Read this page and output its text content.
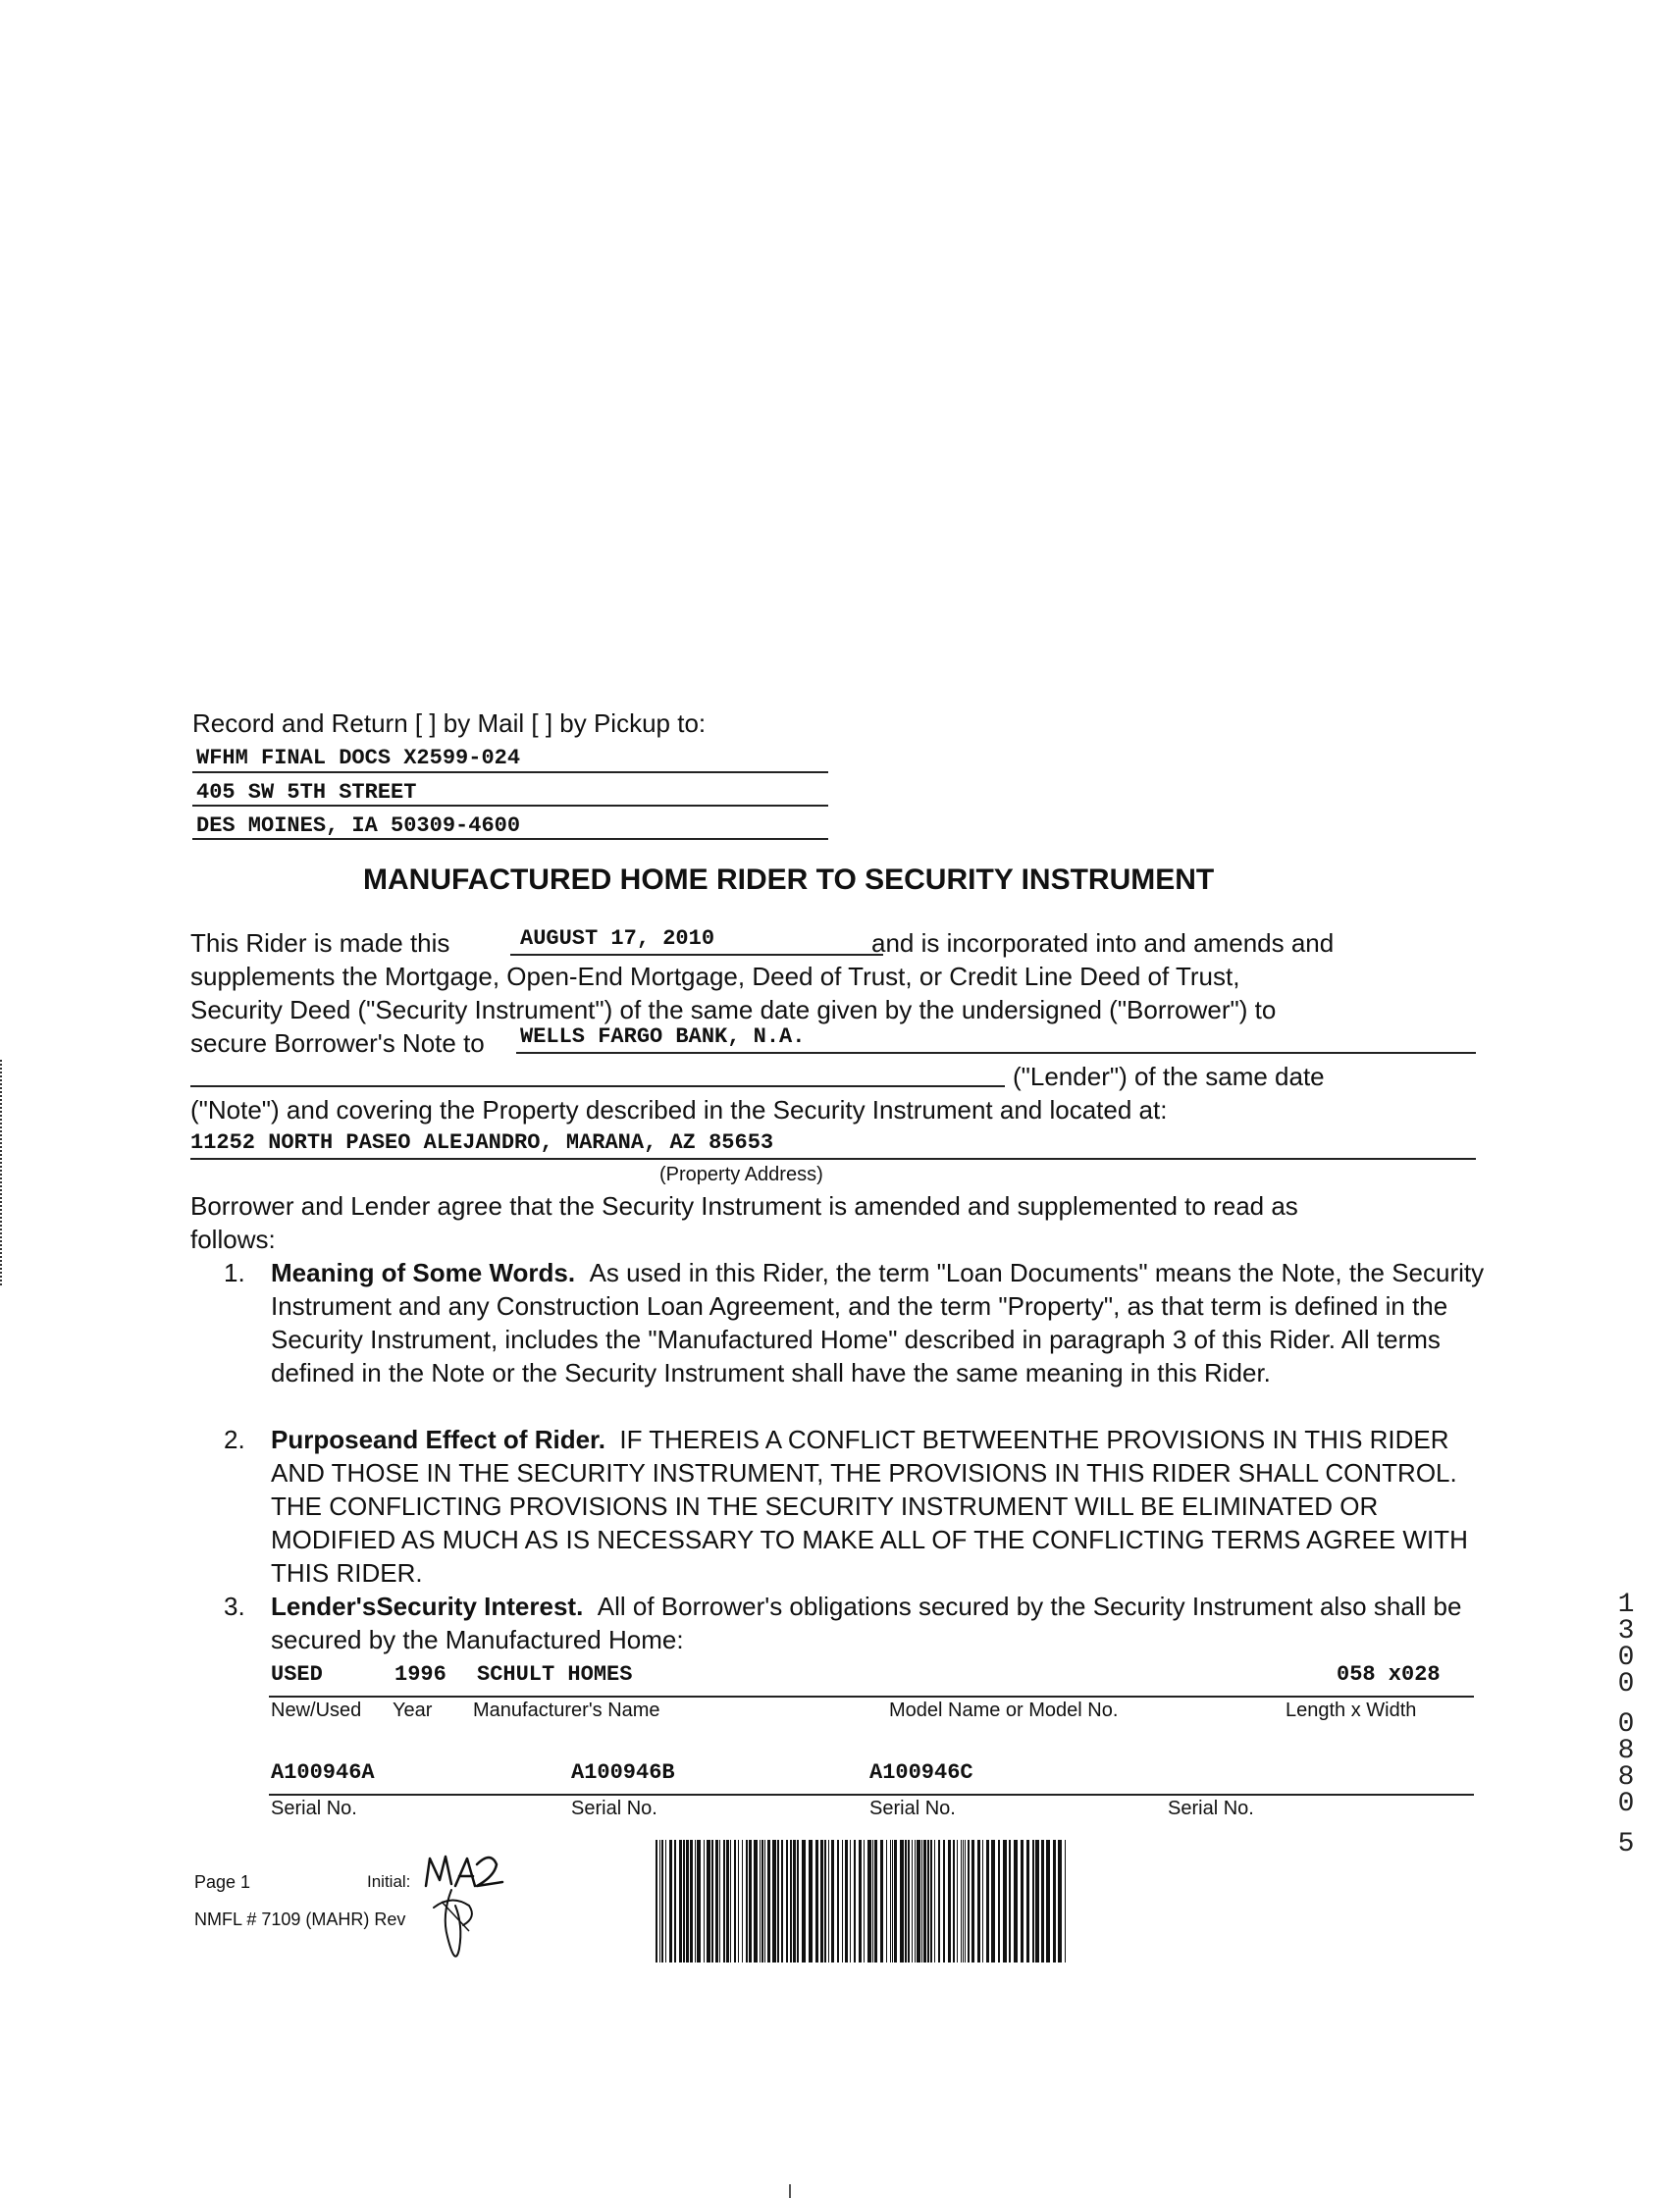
Record and Return [ ] by Mail [ ] by Pickup to:
WFHM FINAL DOCS X2599-024
405 SW 5TH STREET
DES MOINES, IA 50309-4600
MANUFACTURED HOME RIDER TO SECURITY INSTRUMENT
This Rider is made this	AUGUST 17, 2010	and is incorporated into and amends and
supplements the Mortgage, Open-End Mortgage, Deed of Trust, or Credit Line Deed of Trust,
Security Deed ("Security Instrument") of the same date given by the undersigned ("Borrower") to
secure Borrower's Note to WELLS FARGO BANK, N.A.
("Lender") of the same date
("Note") and covering the Property described in the Security Instrument and located at:
11252 NORTH PASEO ALEJANDRO, MARANA, AZ 85653
(Property Address)
Borrower and Lender agree that the Security Instrument is amended and supplemented to read as
follows:
1. Meaning of Some Words. As used in this Rider, the term "Loan Documents" means the Note, the Security Instrument and any Construction Loan Agreement, and the term "Property", as that term is defined in the Security Instrument, includes the "Manufactured Home" described in paragraph 3 of this Rider. All terms defined in the Note or the Security Instrument shall have the same meaning in this Rider.
2. Purposeand Effect of Rider. IF THEREIS A CONFLICT BETWEENTHE PROVISIONS IN THIS RIDER AND THOSE IN THE SECURITY INSTRUMENT, THE PROVISIONS IN THIS RIDER SHALL CONTROL. THE CONFLICTING PROVISIONS IN THE SECURITY INSTRUMENT WILL BE ELIMINATED OR MODIFIED AS MUCH AS IS NECESSARY TO MAKE ALL OF THE CONFLICTING TERMS AGREE WITH THIS RIDER.
3. Lender'sSecurity Interest. All of Borrower's obligations secured by the Security Instrument also shall be secured by the Manufactured Home:
USED	1996 SCHULT HOMES	058 x028
New/Used Year Manufacturer's Name	Model Name or Model No.	Length x Width
A100946A	A100946B	A100946C
Serial No.	Serial No.	Serial No.	Serial No.
Page 1	Initial:
NMFL # 7109 (MAHR) Rev
1
3
0
0
0
8
8
0
5
